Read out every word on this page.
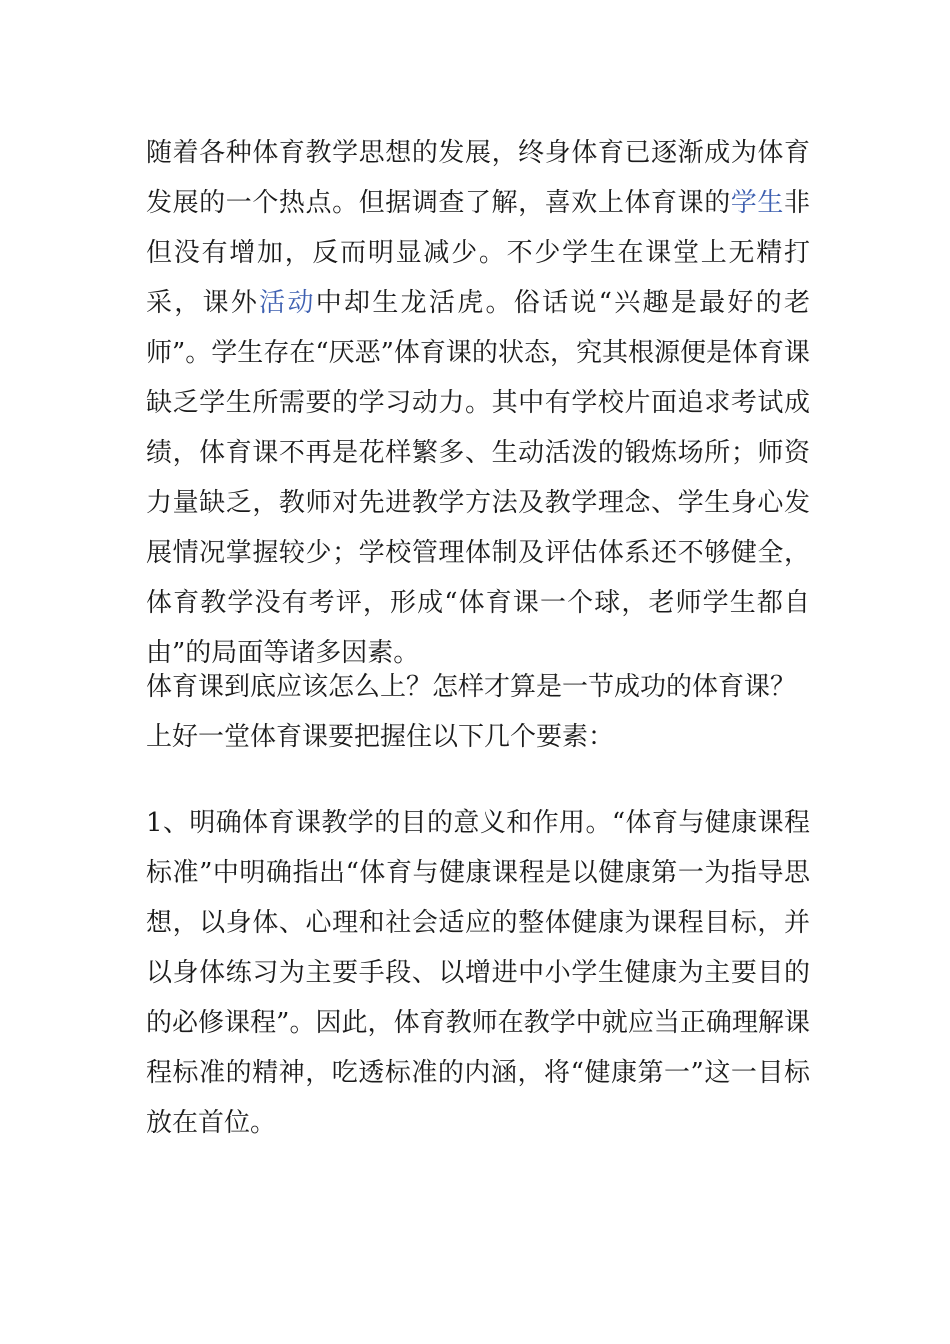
随着各种体育教学思想的发展，终身体育已逐渐成为体育发展的一个热点。但据调查了解，喜欢上体育课的学生非但没有增加，反而明显减少。不少学生在课堂上无精打采，课外活动中却生龙活虎。俗话说“兴趣是最好的老师”。学生存在“厌恶”体育课的状态，究其根源便是体育课缺乏学生所需要的学习动力。其中有学校片面追求考试成绩，体育课不再是花样繁多、生动活泼的锻炼场所；师资力量缺乏，教师对先进教学方法及教学理念、学生身心发展情况掌握较少；学校管理体制及评估体系还不够健全，体育教学没有考评，形成“体育课一个球，老师学生都自由”的局面等诸多因素。

体育课到底应该怎么上？怎样才算是一节成功的体育课？
上好一堂体育课要把握住以下几个要素：

1、明确体育课教学的目的意义和作用。“体育与健康课程标准”中明确指出“体育与健康课程是以健康第一为指导思想，以身体、心理和社会适应的整体健康为课程目标，并以身体练习为主要手段、以增进中小学生健康为主要目的的必修课程”。因此，体育教师在教学中就应当正确理解课程标准的精神，吃透标准的内涵，将“健康第一”这一目标放在首位。
